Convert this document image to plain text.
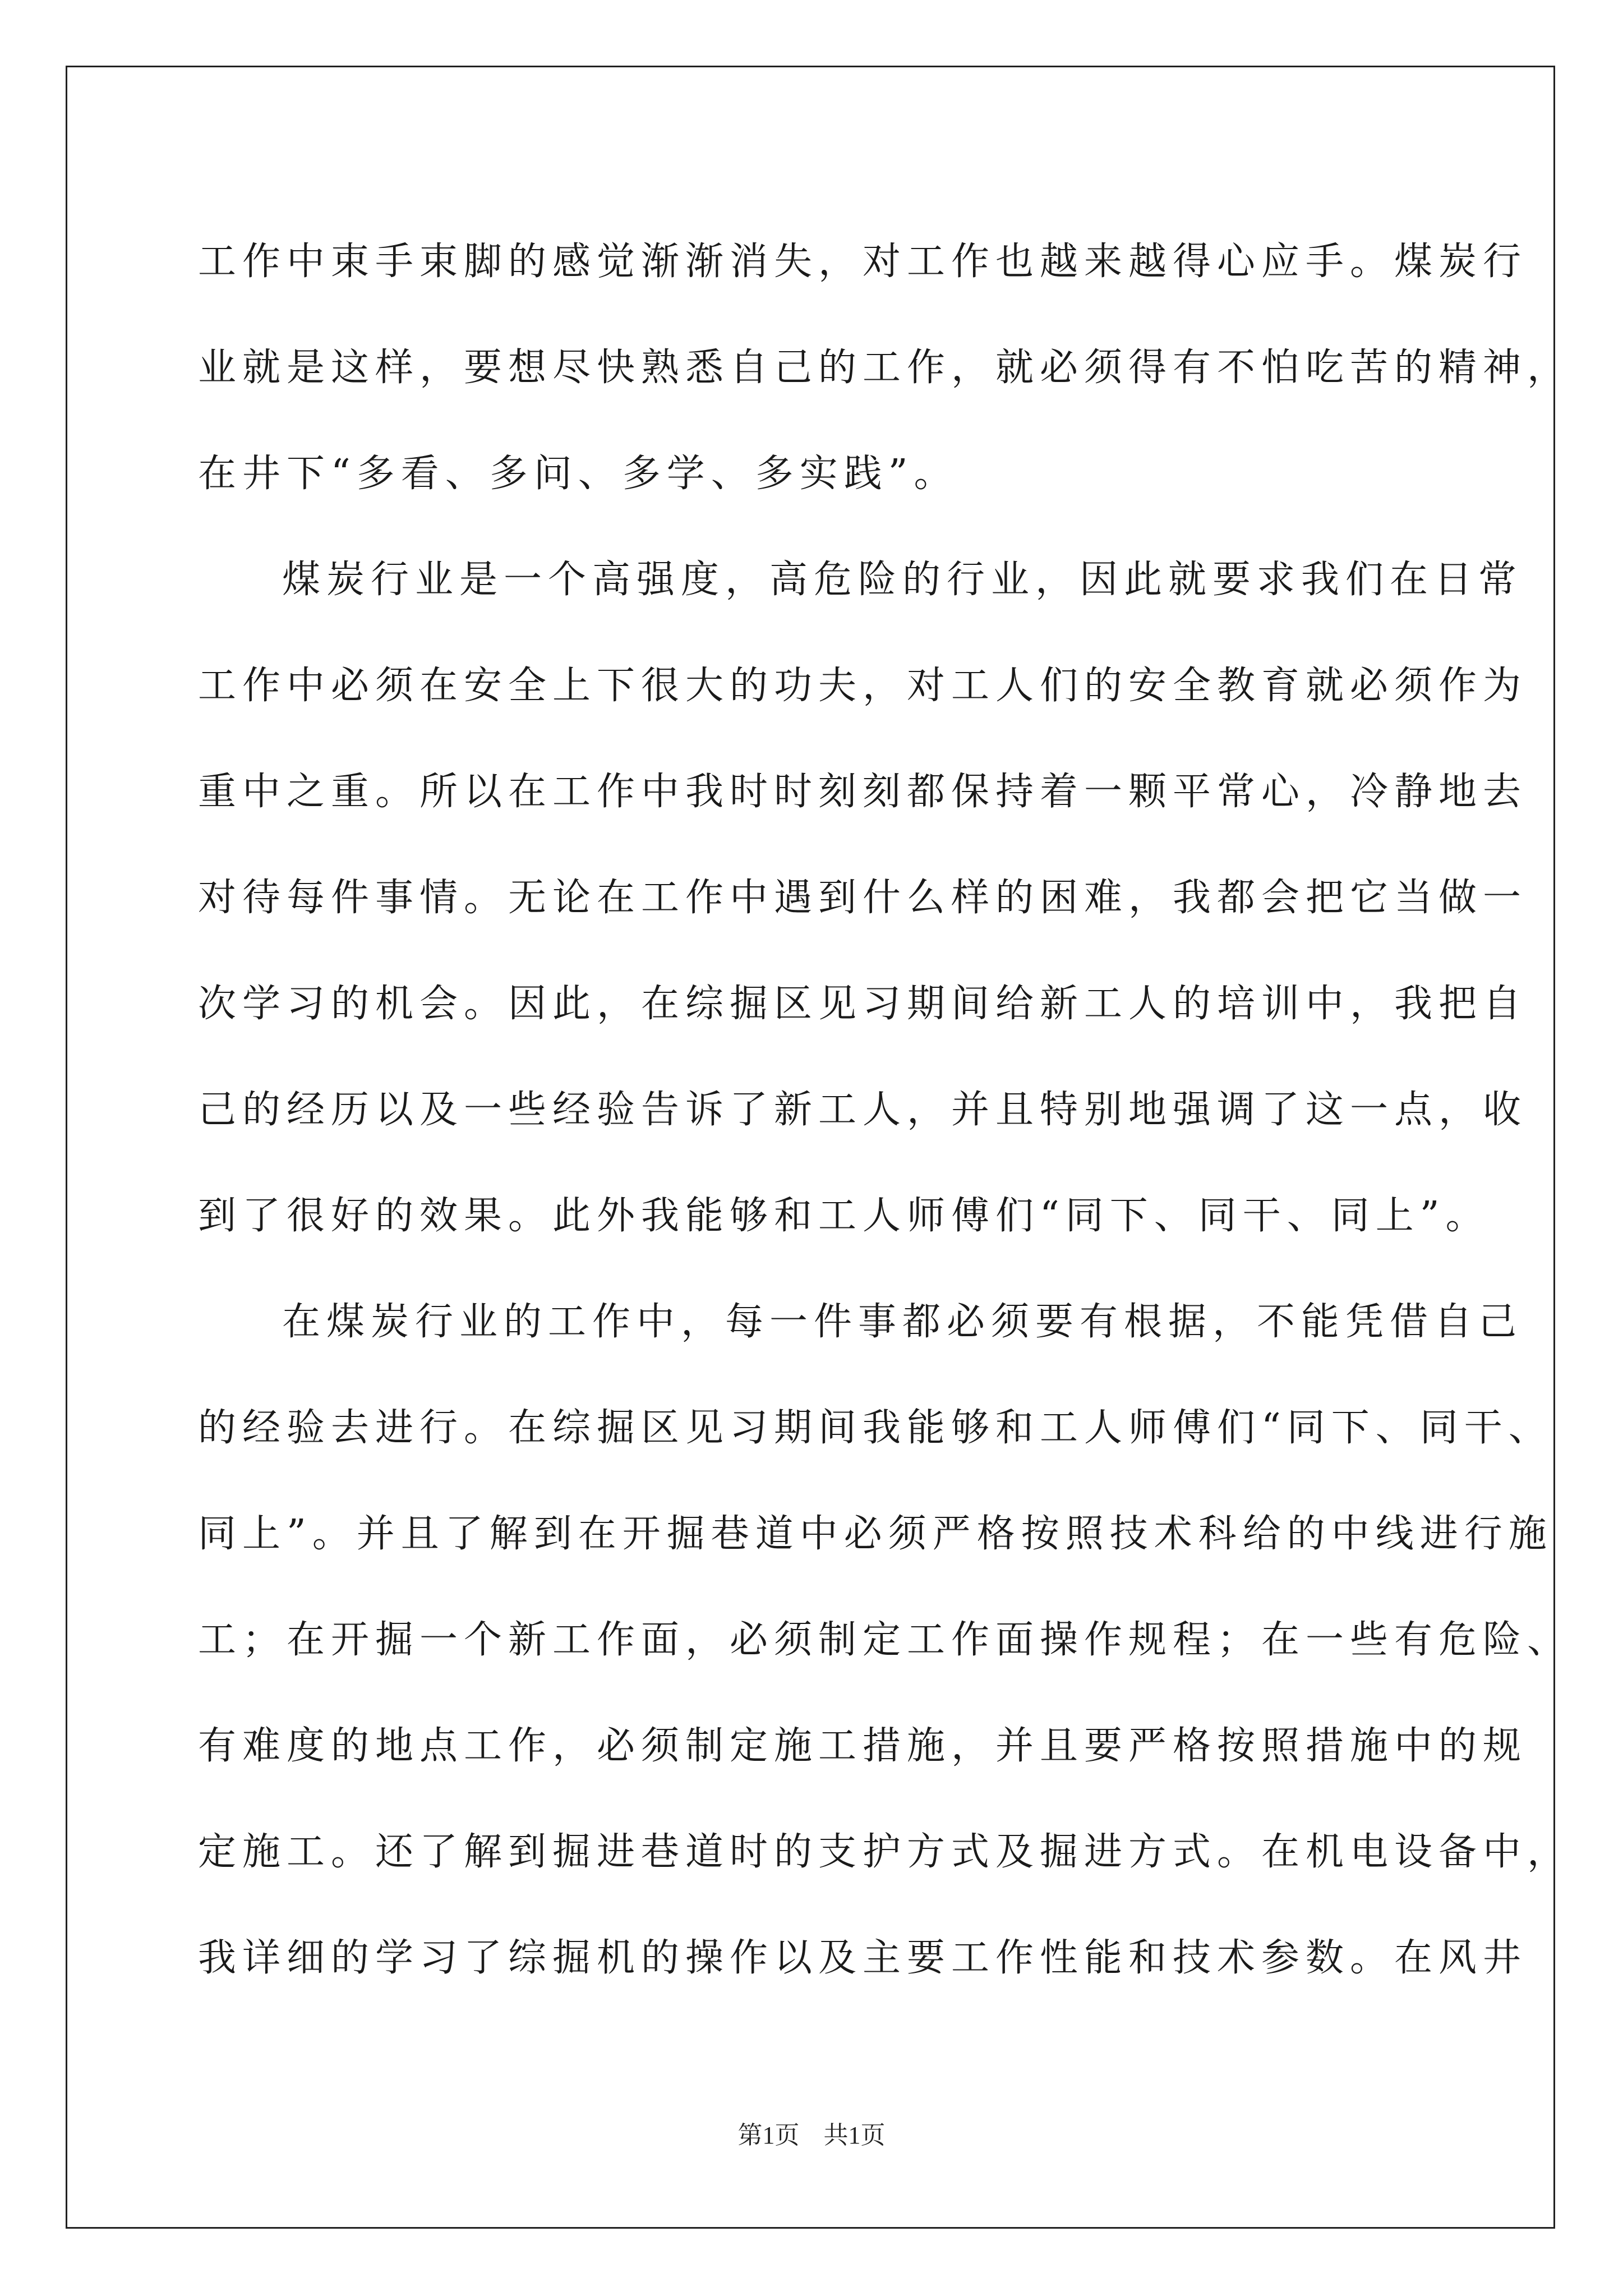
工作中束手束脚的感觉渐渐消失，对工作也越来越得心应手。煤炭行
业就是这样，要想尽快熟悉自己的工作，就必须得有不怕吃苦的精神，
在井下“多看、多问、多学、多实践”。

煤炭行业是一个高强度，高危险的行业，因此就要求我们在日常
工作中必须在安全上下很大的功夫，对工人们的安全教育就必须作为
重中之重。所以在工作中我时时刻刻都保持着一颗平常心，冷静地去
对待每件事情。无论在工作中遇到什么样的困难，我都会把它当做一
次学习的机会。因此，在综掘区见习期间给新工人的培训中，我把自
己的经历以及一些经验告诉了新工人，并且特别地强调了这一点，收
到了很好的效果。此外我能够和工人师傅们“同下、同干、同上”。

在煤炭行业的工作中，每一件事都必须要有根据，不能凭借自己
的经验去进行。在综掘区见习期间我能够和工人师傅们“同下、同干、
同上”。并且了解到在开掘巷道中必须严格按照技术科给的中线进行施
工；在开掘一个新工作面，必须制定工作面操作规程；在一些有危险、
有难度的地点工作，必须制定施工措施，并且要严格按照措施中的规
定施工。还了解到掘进巷道时的支护方式及掘进方式。在机电设备中，
我详细的学习了综掘机的操作以及主要工作性能和技术参数。在风井

第1页 共1页
